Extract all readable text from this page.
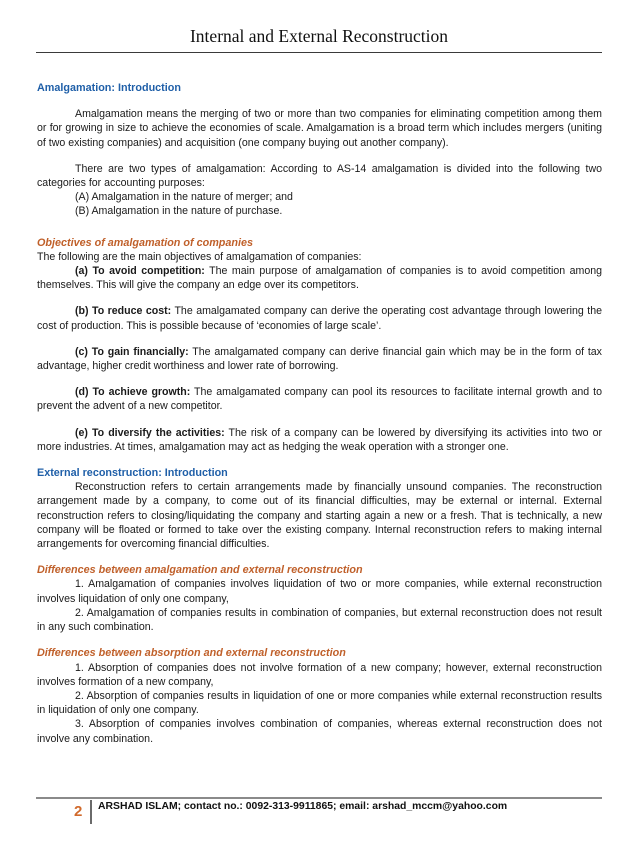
Internal and External Reconstruction

Amalgamation: Introduction

Amalgamation means the merging of two or more than two companies for eliminating competition among them or for growing in size to achieve the economies of scale. Amalgamation is a broad term which includes mergers (uniting of two existing companies) and acquisition (one company buying out another company).

There are two types of amalgamation: According to AS-14 amalgamation is divided into the following two categories for accounting purposes:

(A) Amalgamation in the nature of merger; and

(B) Amalgamation in the nature of purchase.

Objectives of amalgamation of companies

The following are the main objectives of amalgamation of companies:

(a) To avoid competition: The main purpose of amalgamation of companies is to avoid competition among themselves. This will give the company an edge over its competitors.

(b) To reduce cost: The amalgamated company can derive the operating cost advantage through lowering the cost of production. This is possible because of ‘economies of large scale’.

(c) To gain financially: The amalgamated company can derive financial gain which may be in the form of tax advantage, higher credit worthiness and lower rate of borrowing.

(d) To achieve growth: The amalgamated company can pool its resources to facilitate internal growth and to prevent the advent of a new competitor.

(e) To diversify the activities: The risk of a company can be lowered by diversifying its activities into two or more industries. At times, amalgamation may act as hedging the weak operation with a stronger one.

External reconstruction: Introduction

Reconstruction refers to certain arrangements made by financially unsound companies. The reconstruction arrangement made by a company, to come out of its financial difficulties, may be external or internal. External reconstruction refers to closing/liquidating the company and starting again a new or a fresh. That is technically, a new company will be floated or formed to take over the existing company. Internal reconstruction refers to making internal arrangements for overcoming financial difficulties.

Differences between amalgamation and external reconstruction

1. Amalgamation of companies involves liquidation of two or more companies, while external reconstruction involves liquidation of only one company,

2. Amalgamation of companies results in combination of companies, but external reconstruction does not result in any such combination.

Differences between absorption and external reconstruction

1. Absorption of companies does not involve formation of a new company; however, external reconstruction involves formation of a new company,

2. Absorption of companies results in liquidation of one or more companies while external reconstruction results in liquidation of only one company.

3. Absorption of companies involves combination of companies, whereas external reconstruction does not involve any combination.

2 ARSHAD ISLAM; contact no.: 0092-313-9911865; email: arshad_mccm@yahoo.com
